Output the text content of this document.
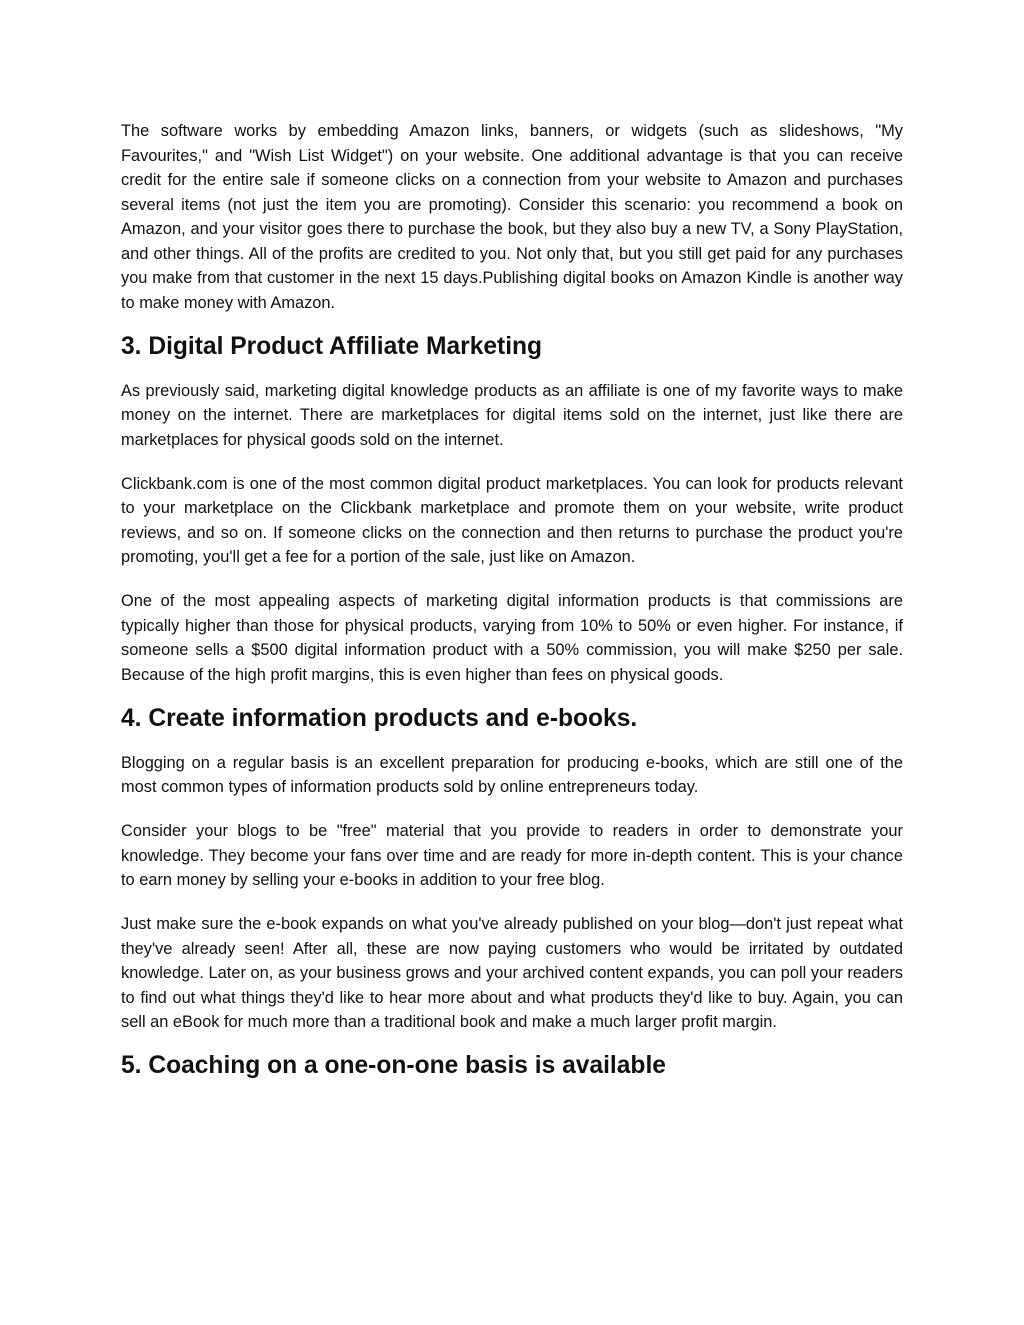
The software works by embedding Amazon links, banners, or widgets (such as slideshows, "My Favourites," and "Wish List Widget") on your website. One additional advantage is that you can receive credit for the entire sale if someone clicks on a connection from your website to Amazon and purchases several items (not just the item you are promoting). Consider this scenario: you recommend a book on Amazon, and your visitor goes there to purchase the book, but they also buy a new TV, a Sony PlayStation, and other things. All of the profits are credited to you. Not only that, but you still get paid for any purchases you make from that customer in the next 15 days.Publishing digital books on Amazon Kindle is another way to make money with Amazon.

3. Digital Product Affiliate Marketing

As previously said, marketing digital knowledge products as an affiliate is one of my favorite ways to make money on the internet. There are marketplaces for digital items sold on the internet, just like there are marketplaces for physical goods sold on the internet.

Clickbank.com is one of the most common digital product marketplaces. You can look for products relevant to your marketplace on the Clickbank marketplace and promote them on your website, write product reviews, and so on. If someone clicks on the connection and then returns to purchase the product you're promoting, you'll get a fee for a portion of the sale, just like on Amazon.

One of the most appealing aspects of marketing digital information products is that commissions are typically higher than those for physical products, varying from 10% to 50% or even higher. For instance, if someone sells a $500 digital information product with a 50% commission, you will make $250 per sale. Because of the high profit margins, this is even higher than fees on physical goods.

4. Create information products and e-books.

Blogging on a regular basis is an excellent preparation for producing e-books, which are still one of the most common types of information products sold by online entrepreneurs today.

Consider your blogs to be "free" material that you provide to readers in order to demonstrate your knowledge. They become your fans over time and are ready for more in-depth content. This is your chance to earn money by selling your e-books in addition to your free blog.

Just make sure the e-book expands on what you've already published on your blog—don't just repeat what they've already seen! After all, these are now paying customers who would be irritated by outdated knowledge. Later on, as your business grows and your archived content expands, you can poll your readers to find out what things they'd like to hear more about and what products they'd like to buy. Again, you can sell an eBook for much more than a traditional book and make a much larger profit margin.

5. Coaching on a one-on-one basis is available
